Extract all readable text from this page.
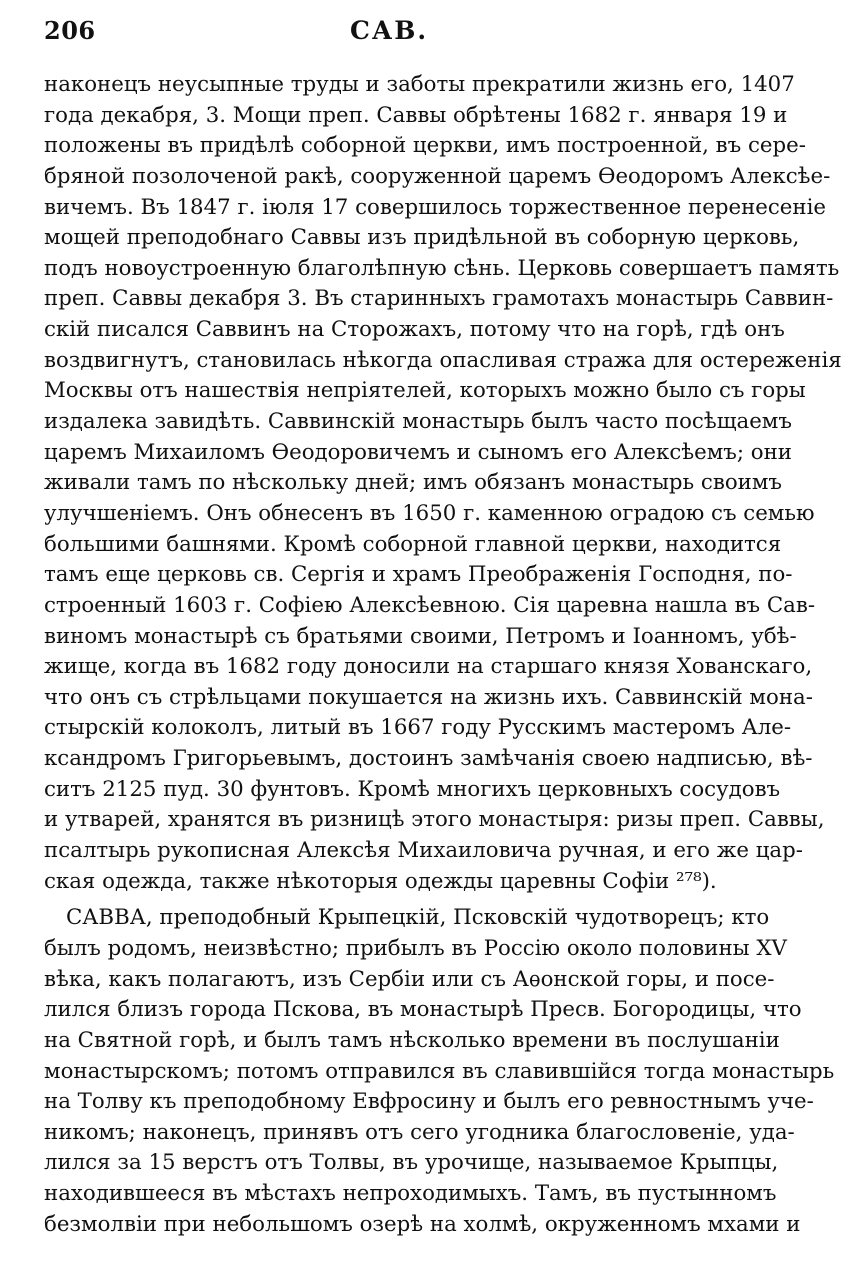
206	САВ.

наконецъ неусыпные труды и заботы прекратили жизнь его, 1407
года декабря, 3. Мощи преп. Саввы обрѣтены 1682 г. января 19 и
положены въ придѣлѣ соборной церкви, имъ построенной, въ сере-
бряной позолоченой ракѣ, сооруженной царемъ Ѳеодоромъ Алексѣе-
вичемъ. Въ 1847 г. іюля 17 совершилось торжественное перенесеніе
мощей преподобнаго Саввы изъ придѣльной въ соборную церковь,
подъ новоустроенную благолѣпную сѣнь. Церковь совершаетъ память
преп. Саввы декабря 3. Въ старинныхъ грамотахъ монастырь Саввин-
скій писался Саввинъ на Сторожахъ, потому что на горѣ, гдѣ онъ
воздвигнутъ, становилась нѣкогда опасливая стража для остереженія
Москвы отъ нашествія непріятелей, которыхъ можно было съ горы
издалека завидѣть. Саввинскій монастырь былъ часто посѣщаемъ
царемъ Михаиломъ Ѳеодоровичемъ и сыномъ его Алексѣемъ; они
живали тамъ по нѣскольку дней; имъ обязанъ монастырь своимъ
улучшеніемъ. Онъ обнесенъ въ 1650 г. каменною оградою съ семью
большими башнями. Кромѣ соборной главной церкви, находится
тамъ еще церковь св. Сергія и храмъ Преображенія Господня, по-
строенный 1603 г. Софіею Алексѣевною. Сія царевна нашла въ Сав-
виномъ монастырѣ съ братьями своими, Петромъ и Іоанномъ, убѣ-
жище, когда въ 1682 году доносили на старшаго князя Хованскаго,
что онъ съ стрѣльцами покушается на жизнь ихъ. Саввинскій мона-
стырскій колоколъ, литый въ 1667 году Русскимъ мастеромъ Але-
ксандромъ Григорьевымъ, достоинъ замѣчанія своею надписью, вѣ-
ситъ 2125 пуд. 30 фунтовъ. Кромѣ многихъ церковныхъ сосудовъ
и утварей, хранятся въ ризницѣ этого монастыря: ризы преп. Саввы,
псалтырь рукописная Алексѣя Михаиловича ручная, и его же цар-
ская одежда, также нѣкоторыя одежды царевны Софіи ²⁷⁸).

САВВА, преподобный Крыпецкій, Псковскій чудотворецъ; кто
былъ родомъ, неизвѣстно; прибылъ въ Россію около половины XV
вѣка, какъ полагаютъ, изъ Сербіи или съ Аѳонской горы, и посе-
лился близъ города Пскова, въ монастырѣ Пресв. Богородицы, что
на Святной горѣ, и былъ тамъ нѣсколько времени въ послушаніи
монастырскомъ; потомъ отправился въ славившійся тогда монастырь
на Толву къ преподобному Евфросину и былъ его ревностнымъ уче-
никомъ; наконецъ, принявъ отъ сего угодника благословеніе, уда-
лился за 15 верстъ отъ Толвы, въ урочище, называемое Крыпцы,
находившееся въ мѣстахъ непроходимыхъ. Тамъ, въ пустынномъ
безмолвіи при небольшомъ озерѣ на холмѣ, окруженномъ мхами и
